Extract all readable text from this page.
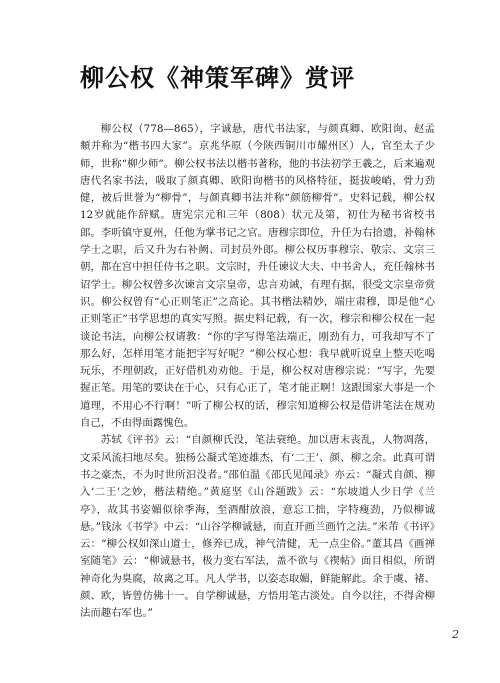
柳公权《神策军碑》赏评

柳公权（778—865），字诚悬，唐代书法家，与颜真卿、欧阳询、赵孟頫并称为“楷书四大家”。京兆华原（今陕西铜川市耀州区）人，官至太子少师，世称“柳少师”。柳公权书法以楷书著称，他的书法初学王羲之，后来遍观唐代名家书法，吸取了颜真卿、欧阳询楷书的风格特征，挺拔峻峭，骨力劲健，被后世誉为“柳骨”，与颜真卿书法并称“颜筋柳骨”。史料记载，柳公权12岁就能作辞赋。唐宪宗元和三年（808）状元及第，初仕为秘书省校书郎。李听镇守夏州，任他为掌书记之官。唐穆宗即位，升任为右拾遗，补翰林学士之职，后又升为右补阙、司封员外郎。柳公权历事穆宗、敬宗、文宗三朝，都在宫中担任侍书之职。文宗时，升任谏议大夫、中书舍人，充任翰林书诏学士。柳公权曾多次谏言文宗皇帝，忠言劝诫，有理有据，很受文宗皇帝赏识。柳公权曾有“心正则笔正”之高论。其书楷法精妙，端庄肃穆，即是他“心正则笔正”书学思想的真实写照。据史料记载，有一次，穆宗和柳公权在一起谈论书法，向柳公权请教：“你的字写得笔法端正，刚劲有力，可我却写不了那么好，怎样用笔才能把字写好呢？”柳公权心想：我早就听说皇上整天吃喝玩乐，不理朝政，正好借机劝劝他。于是，柳公权对唐穆宗说：“写字，先要握正笔。用笔的要诀在于心，只有心正了，笔才能正啊！这跟国家大事是一个道理，不用心不行啊！”听了柳公权的话，穆宗知道柳公权是借讲笔法在规劝自己，不由得面露愧色。

苏轼《评书》云：“自颜柳氏没，笔法衰绝。加以唐末丧乱，人物凋落，文采风流扫地尽矣。独杨公凝式笔迹雄杰，有‘二王’、颜、柳之余。此真可谓书之豪杰，不为时世所汩没者。”邵伯温《邵氏见闻录》亦云：“凝式自颜、柳入‘二王’之妙，楷法精绝。”黄庭坚《山谷题跋》云：“东坡道人少日学《兰亭》，故其书姿媚似徐季海，至酒酣放浪，意忘工拙，字特瘦劲，乃似柳诚悬。”钱泳《书学》中云：“山谷学柳诚悬，而直开画兰画竹之法。”米芾《书评》云：“柳公权如深山道士，修养已成，神气清健，无一点尘俗。”董其昌《画禅室随笔》云：“柳诚悬书，极力变右军法，盖不欲与《禊帖》面目相似，所谓神奇化为臭腐，故离之耳。凡人学书，以姿态取媚，鲜能解此。余于虞、褚、颜、欧，皆曾仿佛十一。自学柳诚悬，方悟用笔古淡处。自今以往，不得舍柳法而趣右军也。”

2
